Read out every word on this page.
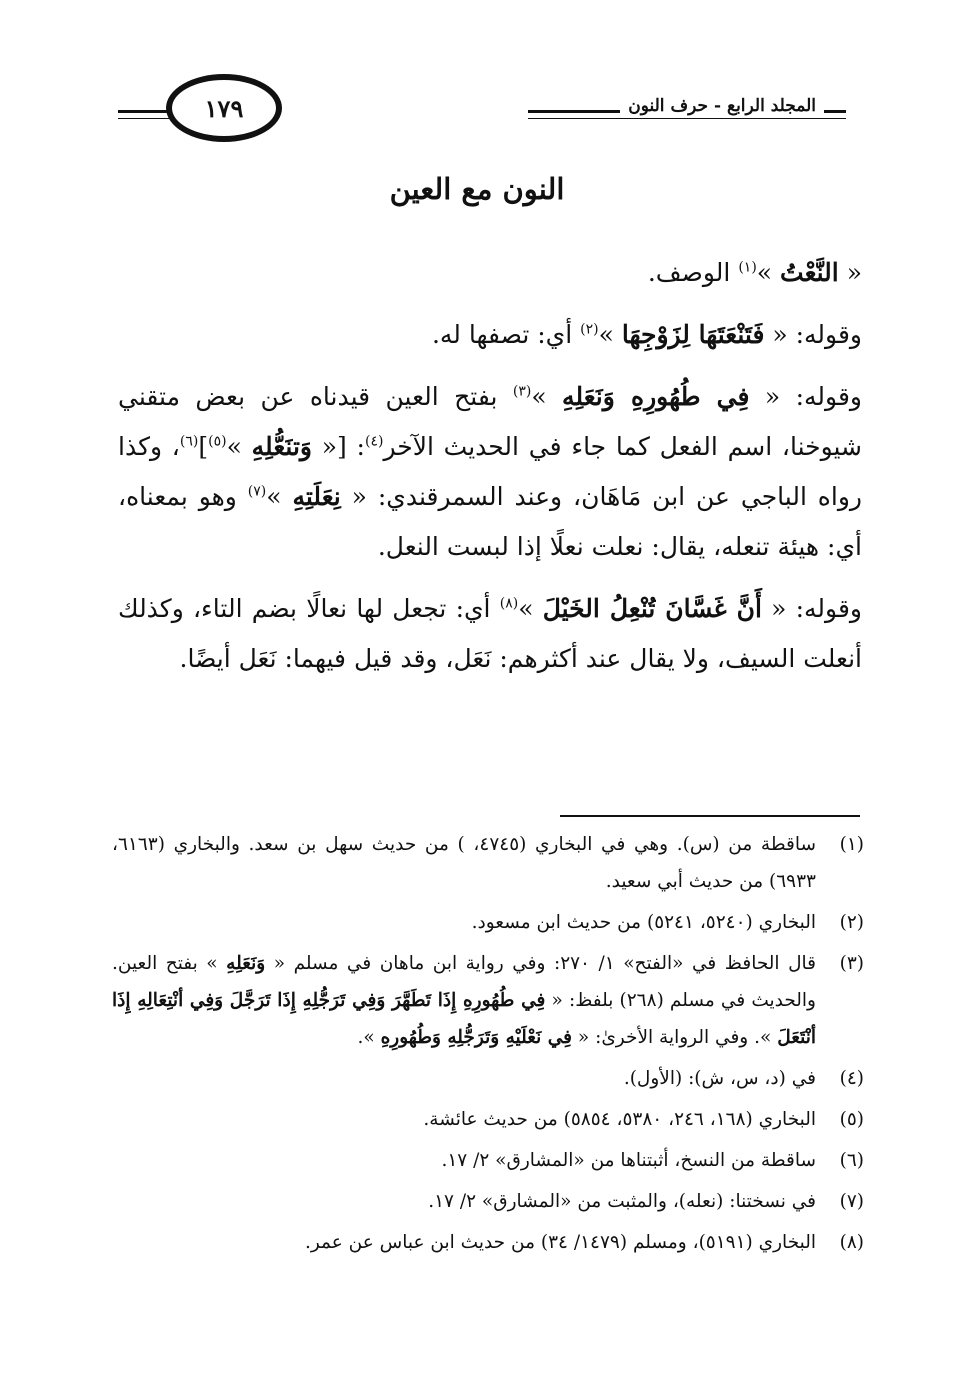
١٧٩	المجلد الرابع-حرف النون
النون مع العين

« النَّعْتُ »$^{(١)}$ الوصف.

وقوله: « فَتَنْعَتَهَا لِزَوْجِهَا »$^{(٢)}$ أي: تصفها له.

وقوله: « فِي طُهُورِهِ وَنَعَلِهِ »$^{(٣)}$ بفتح العين قيدناه عن بعض متقني شيوخنا، اسم الفعل كما جاء في الحديث الآخر$^{(٤)}$: [« وَتنَعُّلِهِ »$^{(٥)}$]$^{(٦)}$، وكذا رواه الباجي عن ابن مَاهَان، وعند السمرقندي: « نِعَلَتِهِ »$^{(٧)}$ وهو بمعناه، أي: هيئة تنعله، يقال: نعلت نعلًا إذا لبست النعل.

وقوله: « أَنَّ غَسَّانَ تُنْعِلُ الخَيْلَ »$^{(٨)}$ أي: تجعل لها نعالًا بضم التاء، وكذلك أنعلت السيف، ولا يقال عند أكثرهم: نَعَل، وقد قيل فيهما: نَعَل أيضًا.

(١)
ساقطة من (س). وهي في البخاري (٤٧٤٥، ) من حديث سهل بن سعد. والبخاري (٦١٦٣، ٦٩٣٣) من حديث أبي سعيد.
(٢)
البخاري (٥٢٤٠، ٥٢٤١) من حديث ابن مسعود.
(٣)
قال الحافظ في «الفتح» ١/ ٢٧٠: وفي رواية ابن ماهان في مسلم « وَنَعَلِهِ » بفتح العين. والحديث في مسلم (٢٦٨) بلفظ: « فِي طُهُورِهِ إِذَا تَطَهَّرَ وَفِي تَرَجُّلِهِ إِذَا تَرَجَّلَ وَفِي أنْتِعَالِهِ إِذَا أنْتَعَلَ ». وفي الرواية الأخرىٰ: « فِي نَعْلَيْهِ وَتَرَجُّلِهِ وَطُهُورِهِ ».
(٤)
في (د، س، ش): (الأول).
(٥)
البخاري (١٦٨، ٢٤٦، ٥٣٨٠، ٥٨٥٤) من حديث عائشة.
(٦)
ساقطة من النسخ، أثبتناها من «المشارق» ٢/ ١٧.
(٧)
في نسختنا: (نعله)، والمثبت من «المشارق» ٢/ ١٧.
(٨)
البخاري (٥١٩١)، ومسلم (١٤٧٩/ ٣٤) من حديث ابن عباس عن عمر.
